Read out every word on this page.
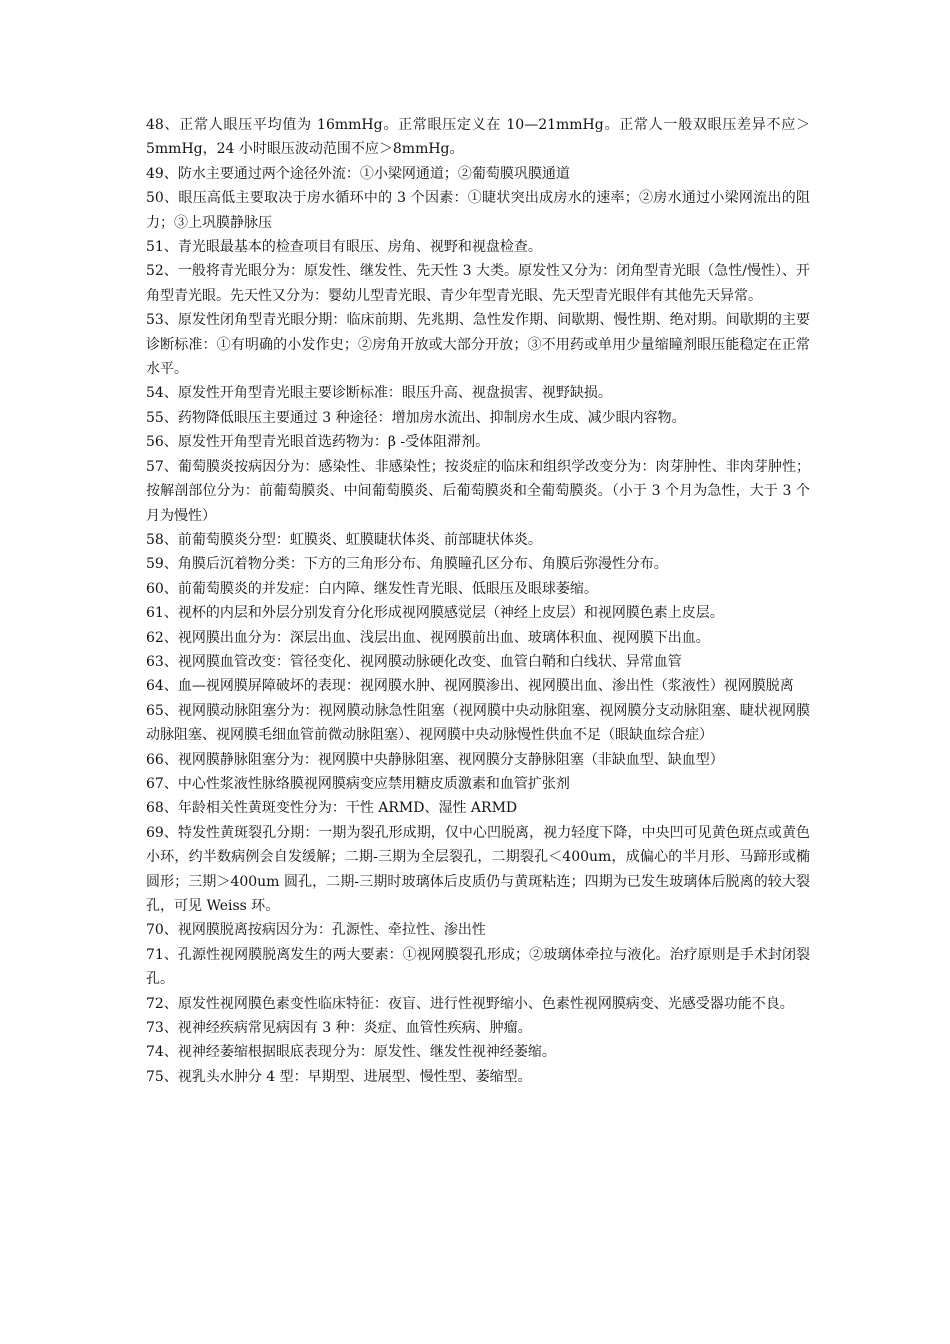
48、正常人眼压平均值为 16mmHg。正常眼压定义在 10—21mmHg。正常人一般双眼压差异不应＞5mmHg，24 小时眼压波动范围不应＞8mmHg。

49、防水主要通过两个途径外流：①小梁网通道；②葡萄膜巩膜通道

50、眼压高低主要取决于房水循环中的 3 个因素：①睫状突出成房水的速率；②房水通过小梁网流出的阻力；③上巩膜静脉压

51、青光眼最基本的检查项目有眼压、房角、视野和视盘检查。

52、一般将青光眼分为：原发性、继发性、先天性 3 大类。原发性又分为：闭角型青光眼（急性/慢性）、开角型青光眼。先天性又分为：婴幼儿型青光眼、青少年型青光眼、先天型青光眼伴有其他先天异常。

53、原发性闭角型青光眼分期：临床前期、先兆期、急性发作期、间歇期、慢性期、绝对期。间歇期的主要诊断标准：①有明确的小发作史；②房角开放或大部分开放；③不用药或单用少量缩瞳剂眼压能稳定在正常水平。

54、原发性开角型青光眼主要诊断标准：眼压升高、视盘损害、视野缺损。

55、药物降低眼压主要通过 3 种途径：增加房水流出、抑制房水生成、减少眼内容物。

56、原发性开角型青光眼首选药物为：β -受体阻滞剂。

57、葡萄膜炎按病因分为：感染性、非感染性；按炎症的临床和组织学改变分为：肉芽肿性、非肉芽肿性；按解剖部位分为：前葡萄膜炎、中间葡萄膜炎、后葡萄膜炎和全葡萄膜炎。（小于 3 个月为急性，大于 3 个月为慢性）

58、前葡萄膜炎分型：虹膜炎、虹膜睫状体炎、前部睫状体炎。

59、角膜后沉着物分类：下方的三角形分布、角膜瞳孔区分布、角膜后弥漫性分布。

60、前葡萄膜炎的并发症：白内障、继发性青光眼、低眼压及眼球萎缩。

61、视杯的内层和外层分别发育分化形成视网膜感觉层（神经上皮层）和视网膜色素上皮层。

62、视网膜出血分为：深层出血、浅层出血、视网膜前出血、玻璃体积血、视网膜下出血。

63、视网膜血管改变：管径变化、视网膜动脉硬化改变、血管白鞘和白线状、异常血管

64、血—视网膜屏障破坏的表现：视网膜水肿、视网膜渗出、视网膜出血、渗出性（浆液性）视网膜脱离

65、视网膜动脉阻塞分为：视网膜动脉急性阻塞（视网膜中央动脉阻塞、视网膜分支动脉阻塞、睫状视网膜动脉阻塞、视网膜毛细血管前微动脉阻塞）、视网膜中央动脉慢性供血不足（眼缺血综合症）

66、视网膜静脉阻塞分为：视网膜中央静脉阻塞、视网膜分支静脉阻塞（非缺血型、缺血型）

67、中心性浆液性脉络膜视网膜病变应禁用糖皮质激素和血管扩张剂

68、年龄相关性黄斑变性分为：干性 ARMD、湿性 ARMD

69、特发性黄斑裂孔分期：一期为裂孔形成期，仅中心凹脱离，视力轻度下降，中央凹可见黄色斑点或黄色小环，约半数病例会自发缓解；二期-三期为全层裂孔，二期裂孔＜400um，成偏心的半月形、马蹄形或椭圆形；三期＞400um 圆孔，二期-三期时玻璃体后皮质仍与黄斑粘连；四期为已发生玻璃体后脱离的较大裂孔，可见 Weiss 环。

70、视网膜脱离按病因分为：孔源性、牵拉性、渗出性

71、孔源性视网膜脱离发生的两大要素：①视网膜裂孔形成；②玻璃体牵拉与液化。治疗原则是手术封闭裂孔。

72、原发性视网膜色素变性临床特征：夜盲、进行性视野缩小、色素性视网膜病变、光感受器功能不良。

73、视神经疾病常见病因有 3 种：炎症、血管性疾病、肿瘤。

74、视神经萎缩根据眼底表现分为：原发性、继发性视神经萎缩。

75、视乳头水肿分 4 型：早期型、进展型、慢性型、萎缩型。
